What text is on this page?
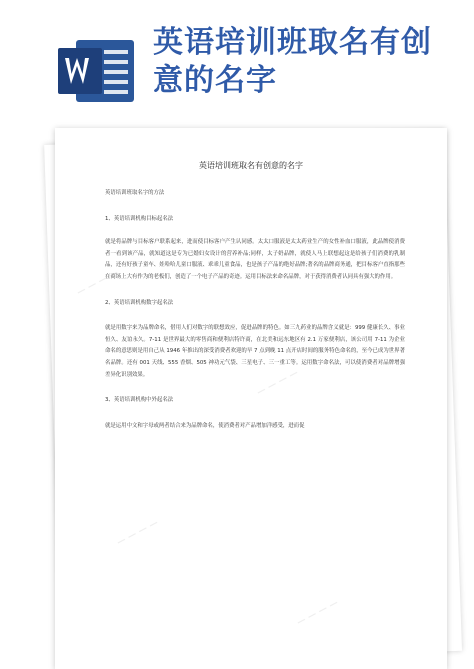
英语培训班取名有创意的名字
英语培训班取名有创意的名字

英语培训班取名字的方法

1、英语培训机构目标起名法

就是将品牌与目标客户联系起来，进而使目标客户产生认同感。太太口服液是太太药业生产的女性补血口服液，此品牌使消费者一看到该产品，就知道这是专为已婚妇女设计的营养补品;同样，太子奶品牌，就使人马上联想起这是给孩子们消费的乳制品，还有好孩子童车、娃哈哈儿童口服液、乖乖儿童食品，也是孩子产品的绝好品牌;著名的品牌商务通，把目标客户直指那些在商场上大有作为的老板们，创造了一个电子产品的奇迹。运用目标法来命名品牌，对于获得消费者认同具有强大的作用。

2、英语培训机构数字起名法

就是用数字来为品牌命名，借用人们对数字的联想效应，促进品牌的特色。如三九药业的品牌含义就是：999 健康长久、事业恒久、友谊永久。7-11 是世界最大的零售商和便利店特许商，在北美和远东地区有 2.1 万家便利店，该公司用 7-11 为企业命名的意思则是用自己从 1946 年推出的深受消费者欢迎的早 7 点到晚 11 点开店时间的服务特色命名的，至今已成为世界著名品牌。还有 001 天线、555 香烟、505 神功元气袋、三星电子、三一重工等。运用数字命名法，可以使消费者对品牌增强差异化识别效果。

3、英语培训机构中外起名法

就是运用中文和字母或两者结合来为品牌命名，使消费者对产品增加洋感受，进而促

— — — —
— — — —
— — — —
— — — —
